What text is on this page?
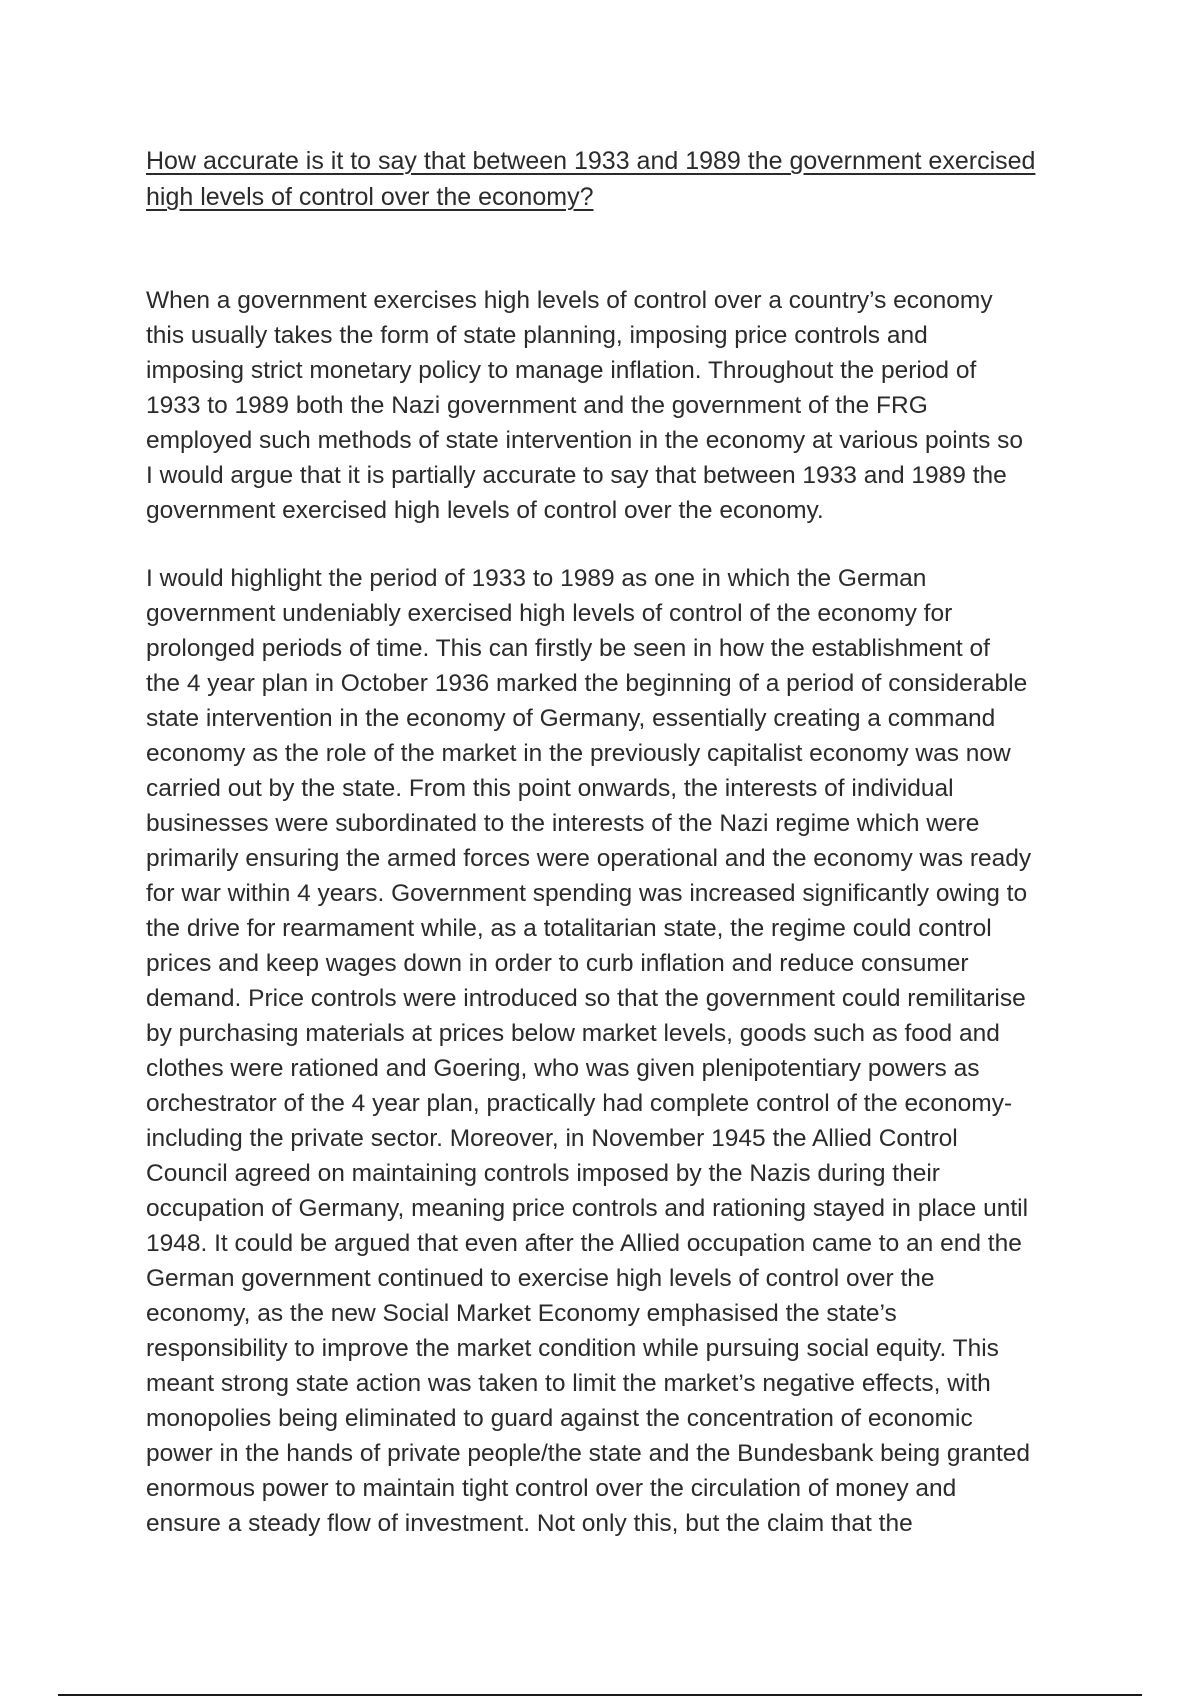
How accurate is it to say that between 1933 and 1989 the government exercised
high levels of control over the economy?

When a government exercises high levels of control over a country’s economy
this usually takes the form of state planning, imposing price controls and
imposing strict monetary policy to manage inflation. Throughout the period of
1933 to 1989 both the Nazi government and the government of the FRG
employed such methods of state intervention in the economy at various points so
I would argue that it is partially accurate to say that between 1933 and 1989 the
government exercised high levels of control over the economy.

I would highlight the period of 1933 to 1989 as one in which the German
government undeniably exercised high levels of control of the economy for
prolonged periods of time. This can firstly be seen in how the establishment of
the 4 year plan in October 1936 marked the beginning of a period of considerable
state intervention in the economy of Germany, essentially creating a command
economy as the role of the market in the previously capitalist economy was now
carried out by the state. From this point onwards, the interests of individual
businesses were subordinated to the interests of the Nazi regime which were
primarily ensuring the armed forces were operational and the economy was ready
for war within 4 years. Government spending was increased significantly owing to
the drive for rearmament while, as a totalitarian state, the regime could control
prices and keep wages down in order to curb inflation and reduce consumer
demand. Price controls were introduced so that the government could remilitarise
by purchasing materials at prices below market levels, goods such as food and
clothes were rationed and Goering, who was given plenipotentiary powers as
orchestrator of the 4 year plan, practically had complete control of the economy-
including the private sector. Moreover, in November 1945 the Allied Control
Council agreed on maintaining controls imposed by the Nazis during their
occupation of Germany, meaning price controls and rationing stayed in place until
1948. It could be argued that even after the Allied occupation came to an end the
German government continued to exercise high levels of control over the
economy, as the new Social Market Economy emphasised the state’s
responsibility to improve the market condition while pursuing social equity. This
meant strong state action was taken to limit the market’s negative effects, with
monopolies being eliminated to guard against the concentration of economic
power in the hands of private people/the state and the Bundesbank being granted
enormous power to maintain tight control over the circulation of money and
ensure a steady flow of investment. Not only this, but the claim that the
